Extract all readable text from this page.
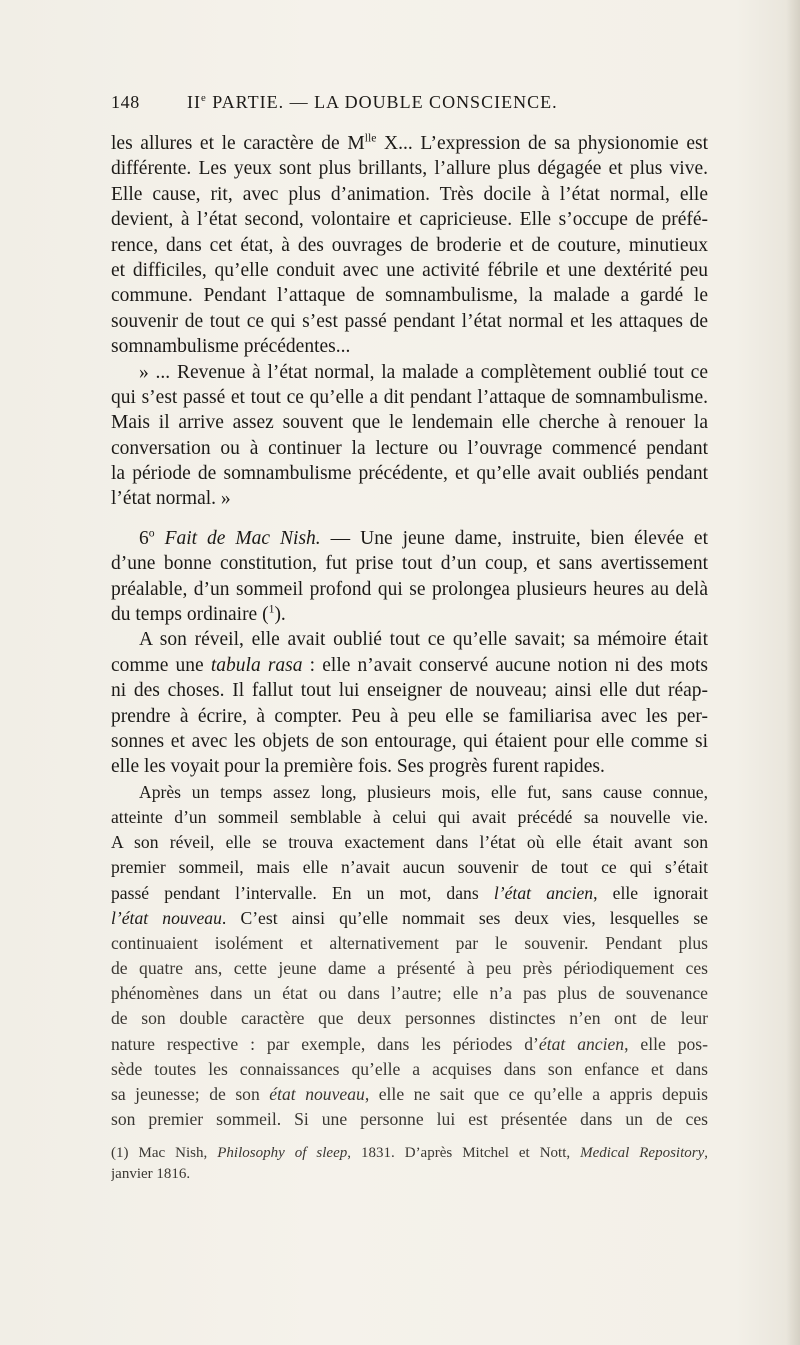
148	IIe PARTIE. — LA DOUBLE CONSCIENCE.
les allures et le caractère de $M^{lle}$ X... L’expression de sa physionomie est
différente. Les yeux sont plus brillants, l’allure plus dégagée et plus vive.
Elle cause, rit, avec plus d’animation. Très docile à l’état normal, elle
devient, à l’état second, volontaire et capricieuse. Elle s’occupe de préfé-
rence, dans cet état, à des ouvrages de broderie et de couture, minutieux
et difficiles, qu’elle conduit avec une activité fébrile et une dextérité peu
commune. Pendant l’attaque de somnambulisme, la malade a gardé le
souvenir de tout ce qui s’est passé pendant l’état normal et les attaques de
somnambulisme précédentes...
» ... Revenue à l’état normal, la malade a complètement oublié tout ce
qui s’est passé et tout ce qu’elle a dit pendant l’attaque de somnambulisme.
Mais il arrive assez souvent que le lendemain elle cherche à renouer la
conversation ou à continuer la lecture ou l’ouvrage commencé pendant
la période de somnambulisme précédente, et qu’elle avait oubliés pendant
l’état normal. »
6$^o$ Fait de Mac Nish. — Une jeune dame, instruite, bien élevée et
d’une bonne constitution, fut prise tout d’un coup, et sans avertissement
préalable, d’un sommeil profond qui se prolongea plusieurs heures au delà
du temps ordinaire ($^1$).
A son réveil, elle avait oublié tout ce qu’elle savait; sa mémoire était
comme une tabula rasa : elle n’avait conservé aucune notion ni des mots
ni des choses. Il fallut tout lui enseigner de nouveau; ainsi elle dut réap-
prendre à écrire, à compter. Peu à peu elle se familiarisa avec les per-
sonnes et avec les objets de son entourage, qui étaient pour elle comme si
elle les voyait pour la première fois. Ses progrès furent rapides.
Après un temps assez long, plusieurs mois, elle fut, sans cause connue,
atteinte d’un sommeil semblable à celui qui avait précédé sa nouvelle vie.
A son réveil, elle se trouva exactement dans l’état où elle était avant son
premier sommeil, mais elle n’avait aucun souvenir de tout ce qui s’était
passé pendant l’intervalle. En un mot, dans l’état ancien, elle ignorait
l’état nouveau. C’est ainsi qu’elle nommait ses deux vies, lesquelles se
continuaient isolément et alternativement par le souvenir. Pendant plus
de quatre ans, cette jeune dame a présenté à peu près périodiquement ces
phénomènes dans un état ou dans l’autre; elle n’a pas plus de souvenance
de son double caractère que deux personnes distinctes n’en ont de leur
nature respective : par exemple, dans les périodes d’état ancien, elle pos-
sède toutes les connaissances qu’elle a acquises dans son enfance et dans
sa jeunesse; de son état nouveau, elle ne sait que ce qu’elle a appris depuis
son premier sommeil. Si une personne lui est présentée dans un de ces
(1) Mac Nish, Philosophy of sleep, 1831. D’après Mitchel et Nott, Medical Repository,
janvier 1816.
